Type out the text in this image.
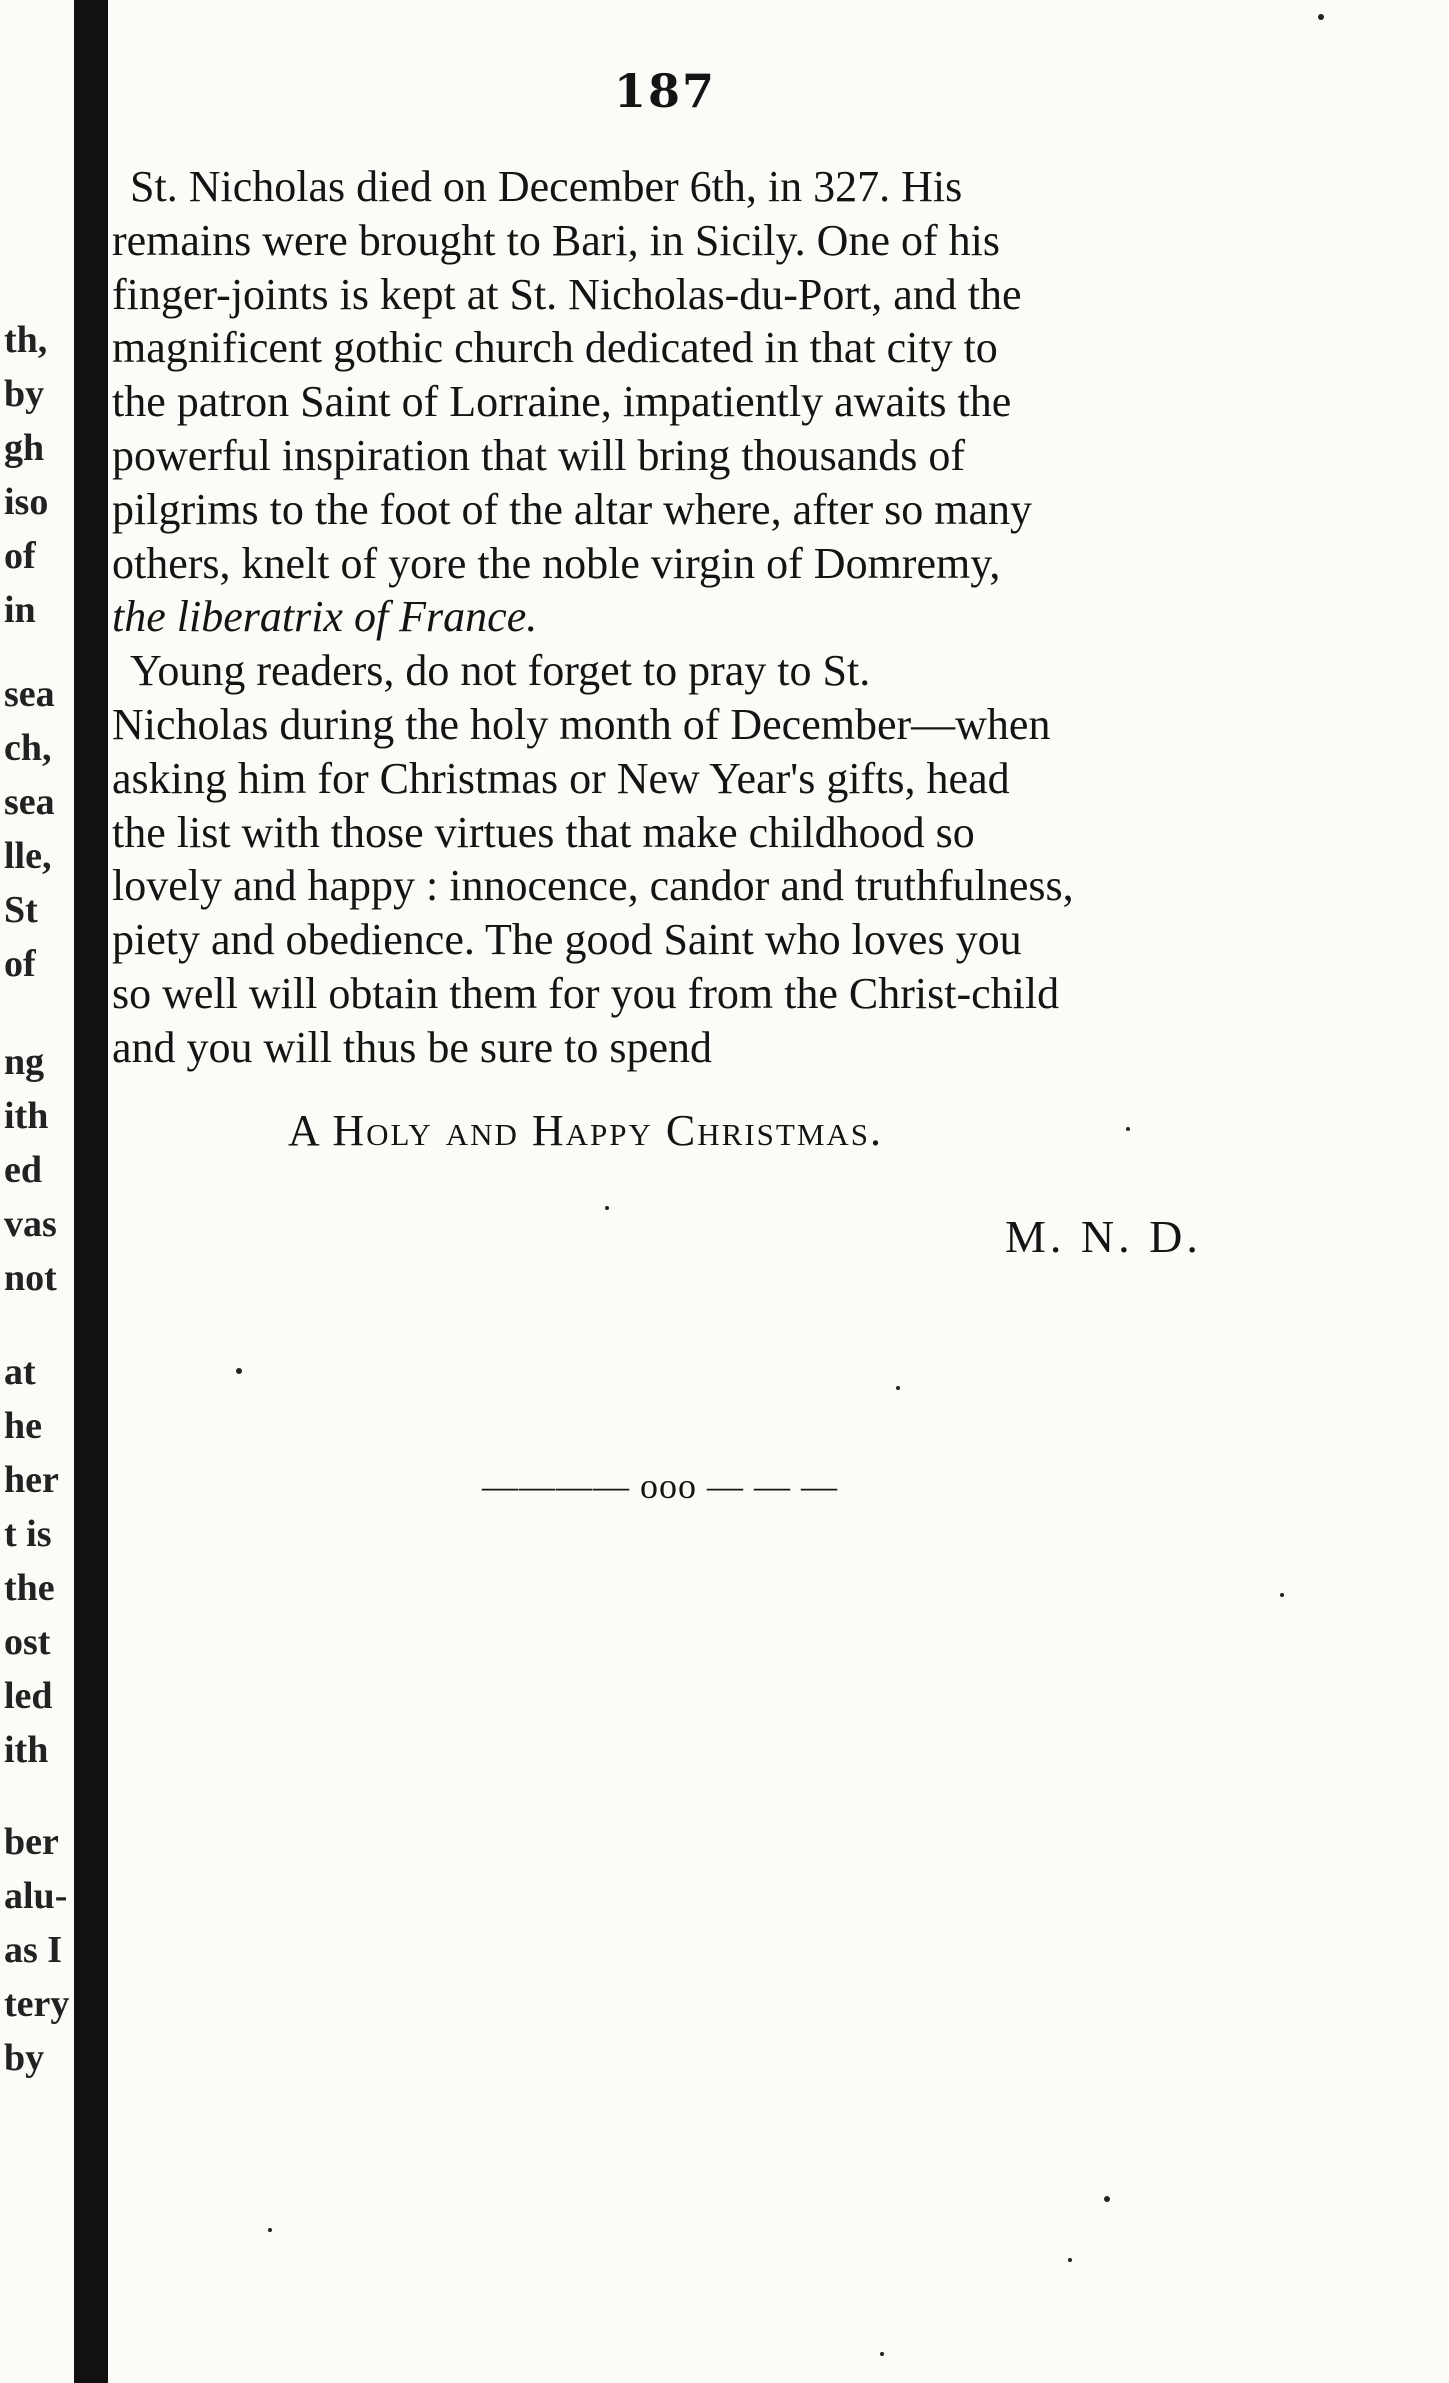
th,
by
gh
iso
of
in
sea
ch,
sea
lle,
St
of
ng
ith
ed
vas
not
at
he
her
t is
the
ost
led
ith
ber
alu-
as I
tery
by
187
St. Nicholas died on December 6th, in 327. His
remains were brought to Bari, in Sicily. One of his
finger-joints is kept at St. Nicholas-du-Port, and the
magnificent gothic church dedicated in that city to
the patron Saint of Lorraine, impatiently awaits the
powerful inspiration that will bring thousands of
pilgrims to the foot of the altar where, after so many
others, knelt of yore the noble virgin of Domremy,
the liberatrix of France.
Young readers, do not forget to pray to St.
Nicholas during the holy month of December—when
asking him for Christmas or New Year's gifts, head
the list with those virtues that make childhood so
lovely and happy : innocence, candor and truthfulness,
piety and obedience. The good Saint who loves you
so well will obtain them for you from the Christ-child
and you will thus be sure to spend
A Holy and Happy Christmas.
M. N. D.
———— ooo — — —
